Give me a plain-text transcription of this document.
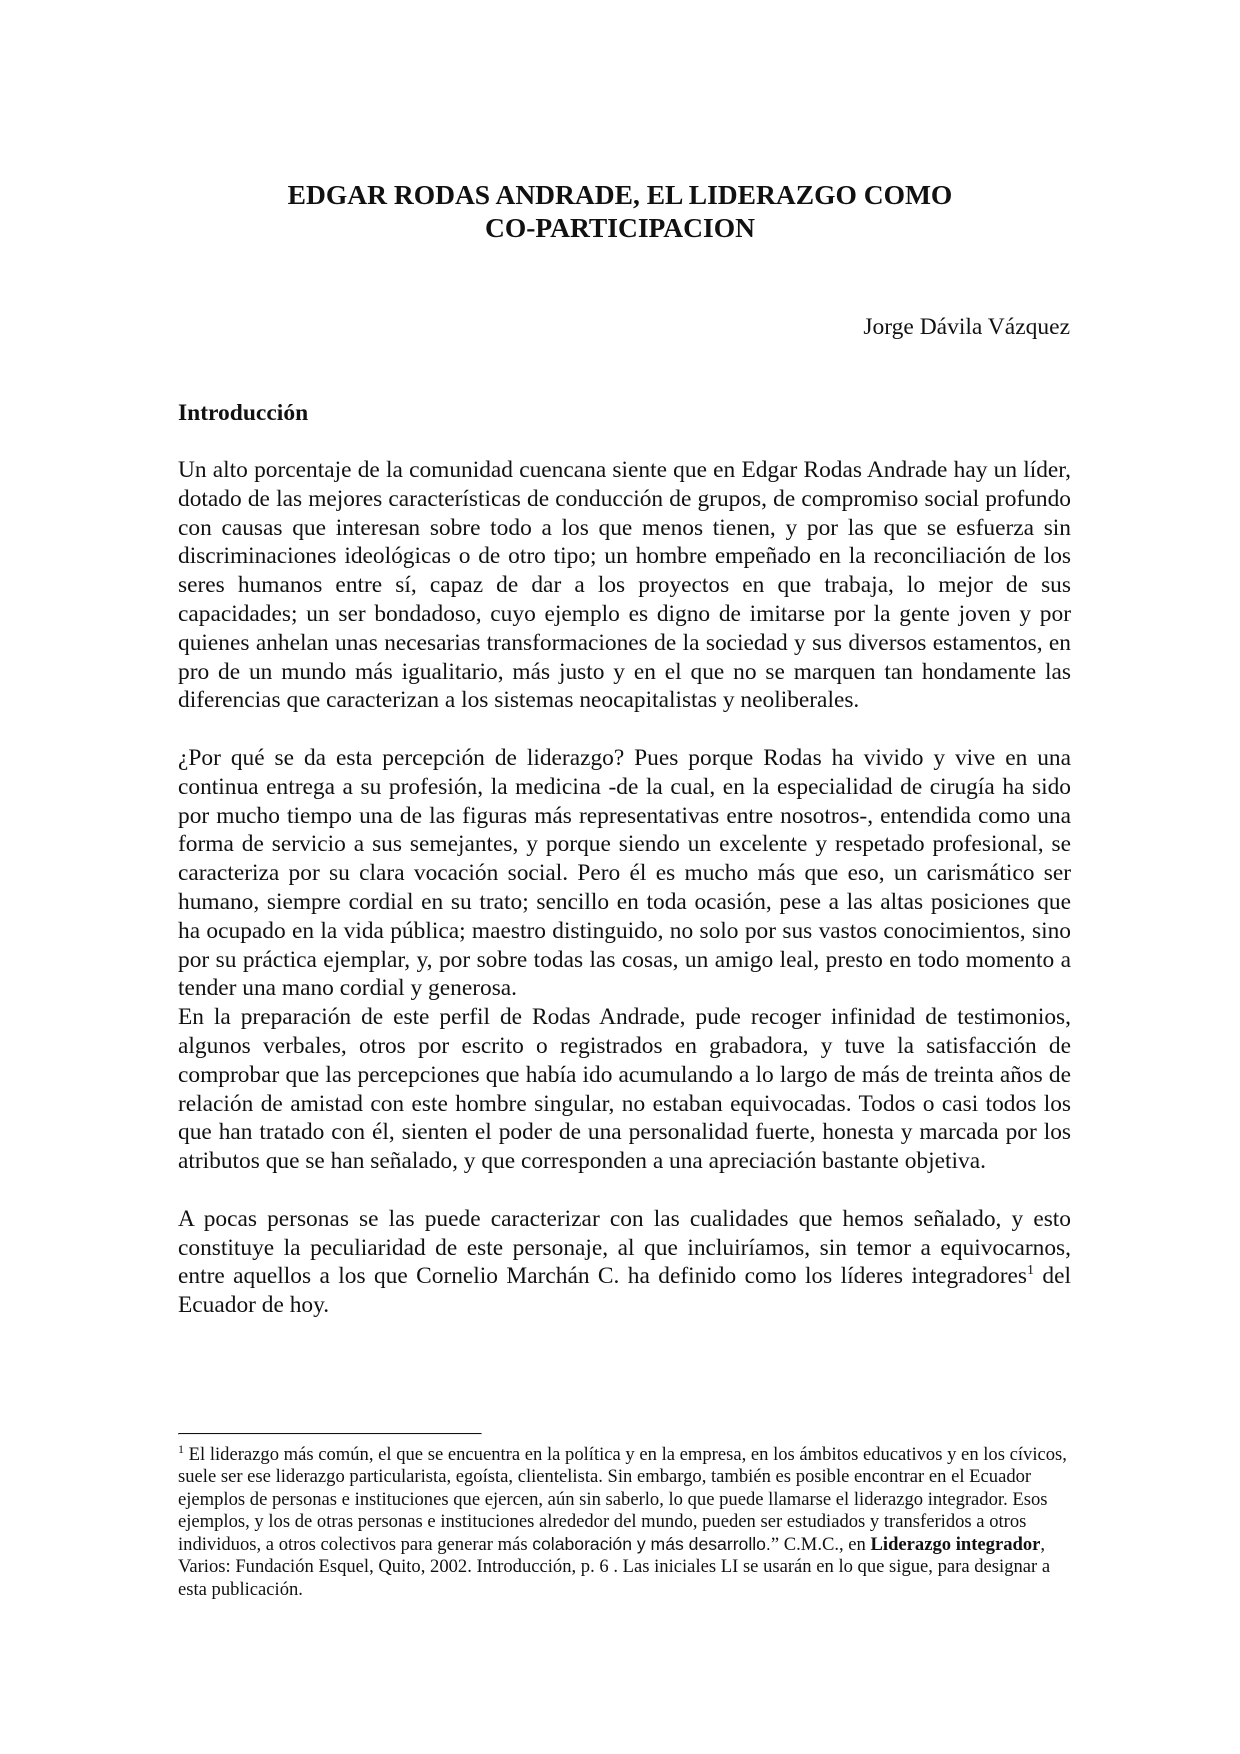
EDGAR RODAS ANDRADE, EL LIDERAZGO COMO
CO-PARTICIPACION

Jorge Dávila Vázquez

Introducción

Un alto porcentaje de la comunidad cuencana siente que en Edgar Rodas Andrade hay un líder, dotado de las mejores características de conducción de grupos, de compromiso social profundo con causas que interesan sobre todo a los que menos tienen, y por las que se esfuerza sin discriminaciones ideológicas o de otro tipo; un hombre empeñado en la reconciliación de los seres humanos entre sí, capaz de dar a los proyectos en que trabaja, lo mejor de sus capacidades; un ser bondadoso, cuyo ejemplo es digno de imitarse por la gente joven y por quienes anhelan unas necesarias transformaciones de la sociedad y sus diversos estamentos, en pro de un mundo más igualitario, más justo y en el que no se marquen tan hondamente las diferencias que caracterizan a los sistemas neocapitalistas y neoliberales.

¿Por qué se da esta percepción de liderazgo? Pues porque Rodas ha vivido y vive en una continua entrega a su profesión, la medicina -de la cual, en la especialidad de cirugía ha sido por mucho tiempo una de las figuras más representativas entre nosotros-, entendida como una forma de servicio a sus semejantes, y porque siendo un excelente y respetado profesional, se caracteriza por su clara vocación social. Pero él es mucho más que eso, un carismático ser humano, siempre cordial en su trato; sencillo en toda ocasión, pese a las altas posiciones que ha ocupado en la vida pública; maestro distinguido, no solo por sus vastos conocimientos, sino por su práctica ejemplar, y, por sobre todas las cosas, un amigo leal, presto en todo momento a tender una mano cordial y generosa.

En la preparación de este perfil de Rodas Andrade, pude recoger infinidad de testimonios, algunos verbales, otros por escrito o registrados en grabadora, y tuve la satisfacción de comprobar que las percepciones que había ido acumulando a lo largo de más de treinta años de relación de amistad con este hombre singular, no estaban equivocadas. Todos o casi todos los que han tratado con él, sienten el poder de una personalidad fuerte, honesta y marcada por los atributos que se han señalado, y que corresponden a una apreciación bastante objetiva.

A pocas personas se las puede caracterizar con las cualidades que hemos señalado, y esto constituye la peculiaridad de este personaje, al que incluiríamos, sin temor a equivocarnos, entre aquellos a los que Cornelio Marchán C. ha definido como los líderes integradores$^1$ del Ecuador de hoy.

$^1$ El liderazgo más común, el que se encuentra en la política y en la empresa, en los ámbitos educativos y en los cívicos, suele ser ese liderazgo particularista, egoísta, clientelista. Sin embargo, también es posible encontrar en el Ecuador ejemplos de personas e instituciones que ejercen, aún sin saberlo, lo que puede llamarse el liderazgo integrador. Esos ejemplos, y los de otras personas e instituciones alrededor del mundo, pueden ser estudiados y transferidos a otros individuos, a otros colectivos para generar más colaboración y más desarrollo.” C.M.C., en Liderazgo integrador, Varios: Fundación Esquel, Quito, 2002. Introducción, p. 6 . Las iniciales LI se usarán en lo que sigue, para designar a esta publicación.
